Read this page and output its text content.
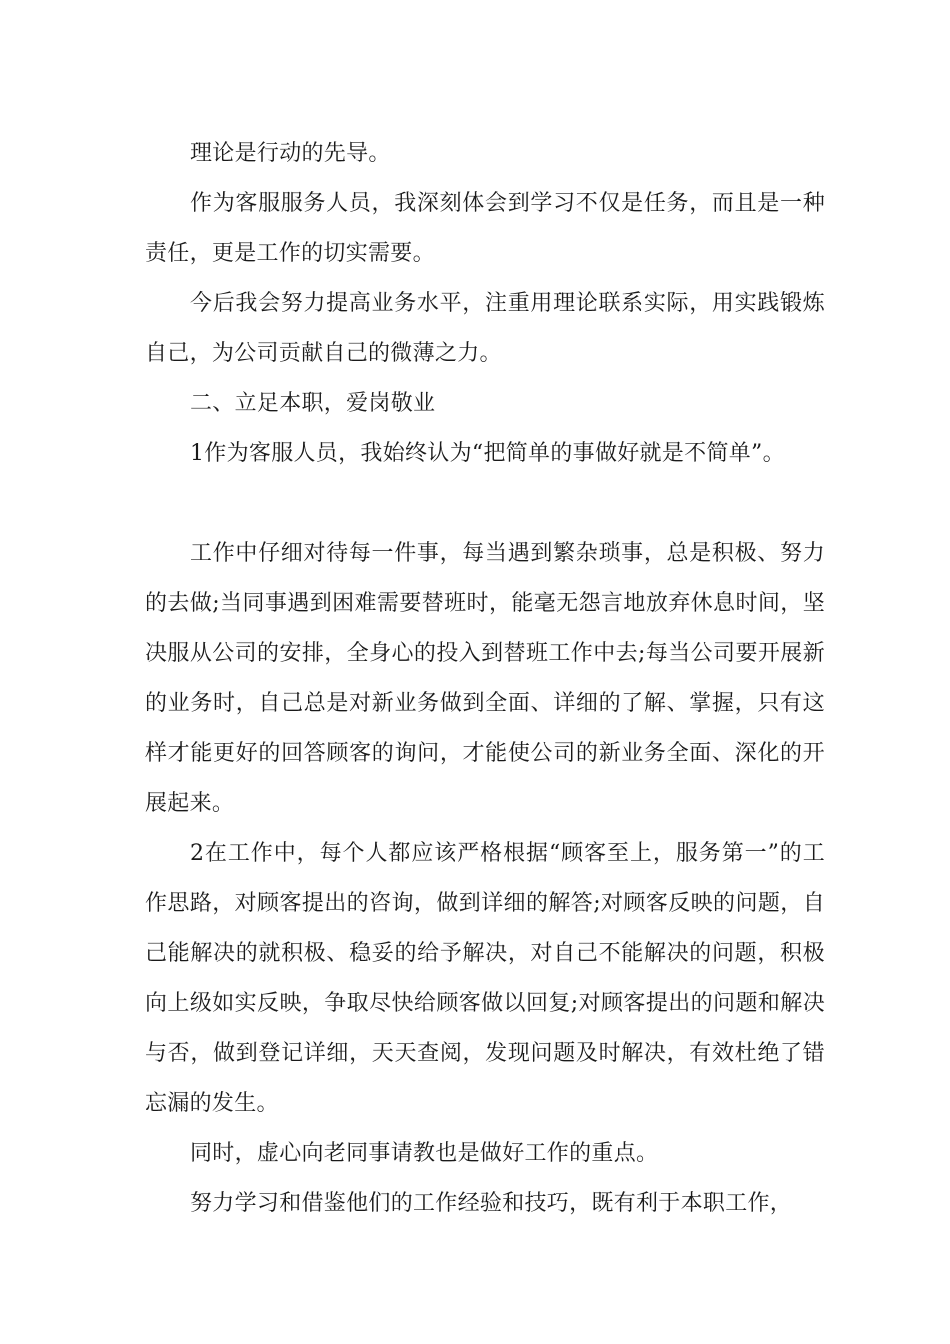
理论是行动的先导。

作为客服服务人员，我深刻体会到学习不仅是任务，而且是一种责任，更是工作的切实需要。

今后我会努力提高业务水平，注重用理论联系实际，用实践锻炼自己，为公司贡献自己的微薄之力。

二、立足本职，爱岗敬业

1作为客服人员，我始终认为“把简单的事做好就是不简单”。

工作中仔细对待每一件事，每当遇到繁杂琐事，总是积极、努力的去做;当同事遇到困难需要替班时，能毫无怨言地放弃休息时间，坚决服从公司的安排，全身心的投入到替班工作中去;每当公司要开展新的业务时，自己总是对新业务做到全面、详细的了解、掌握，只有这样才能更好的回答顾客的询问，才能使公司的新业务全面、深化的开展起来。

2在工作中，每个人都应该严格根据“顾客至上，服务第一”的工作思路，对顾客提出的咨询，做到详细的解答;对顾客反映的问题，自己能解决的就积极、稳妥的给予解决，对自己不能解决的问题，积极向上级如实反映，争取尽快给顾客做以回复;对顾客提出的问题和解决与否，做到登记详细，天天查阅，发现问题及时解决，有效杜绝了错忘漏的发生。

同时，虚心向老同事请教也是做好工作的重点。

努力学习和借鉴他们的工作经验和技巧，既有利于本职工作，
